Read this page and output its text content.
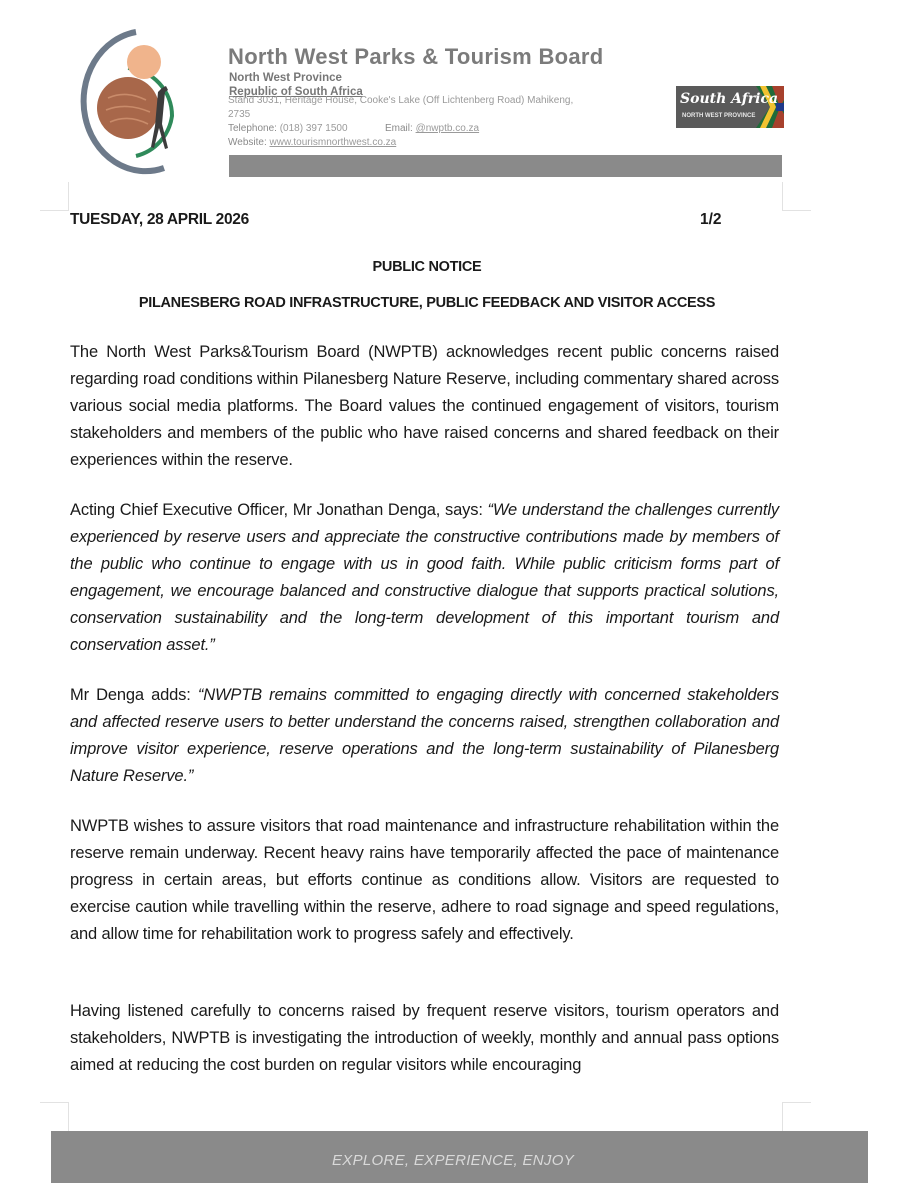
North West Parks & Tourism Board
North West Province
Republic of South Africa
Stand 3031, Heritage House, Cooke's Lake (Off Lichtenberg Road) Mahikeng,
2735
Telephone: (018) 397 1500	Email: @nwptb.co.za
Website: www.tourismnorthwest.co.za
South Africa
NORTH WEST PROVINCE
TUESDAY, 28 APRIL 2026	1/2
PUBLIC NOTICE
PILANESBERG ROAD INFRASTRUCTURE, PUBLIC FEEDBACK AND VISITOR ACCESS

The North West Parks&Tourism Board (NWPTB) acknowledges recent public concerns raised regarding road conditions within Pilanesberg Nature Reserve, including commentary shared across various social media platforms. The Board values the continued engagement of visitors, tourism stakeholders and members of the public who have raised concerns and shared feedback on their experiences within the reserve.

Acting Chief Executive Officer, Mr Jonathan Denga, says: “We understand the challenges currently experienced by reserve users and appreciate the constructive contributions made by members of the public who continue to engage with us in good faith. While public criticism forms part of engagement, we encourage balanced and constructive dialogue that supports practical solutions, conservation sustainability and the long-term development of this important tourism and conservation asset.”

Mr Denga adds: “NWPTB remains committed to engaging directly with concerned stakeholders and affected reserve users to better understand the concerns raised, strengthen collaboration and improve visitor experience, reserve operations and the long-term sustainability of Pilanesberg Nature Reserve.”

NWPTB wishes to assure visitors that road maintenance and infrastructure rehabilitation within the reserve remain underway. Recent heavy rains have temporarily affected the pace of maintenance progress in certain areas, but efforts continue as conditions allow. Visitors are requested to exercise caution while travelling within the reserve, adhere to road signage and speed regulations, and allow time for rehabilitation work to progress safely and effectively.

Having listened carefully to concerns raised by frequent reserve visitors, tourism operators and stakeholders, NWPTB is investigating the introduction of weekly, monthly and annual pass options aimed at reducing the cost burden on regular visitors while encouraging

EXPLORE, EXPERIENCE, ENJOY
